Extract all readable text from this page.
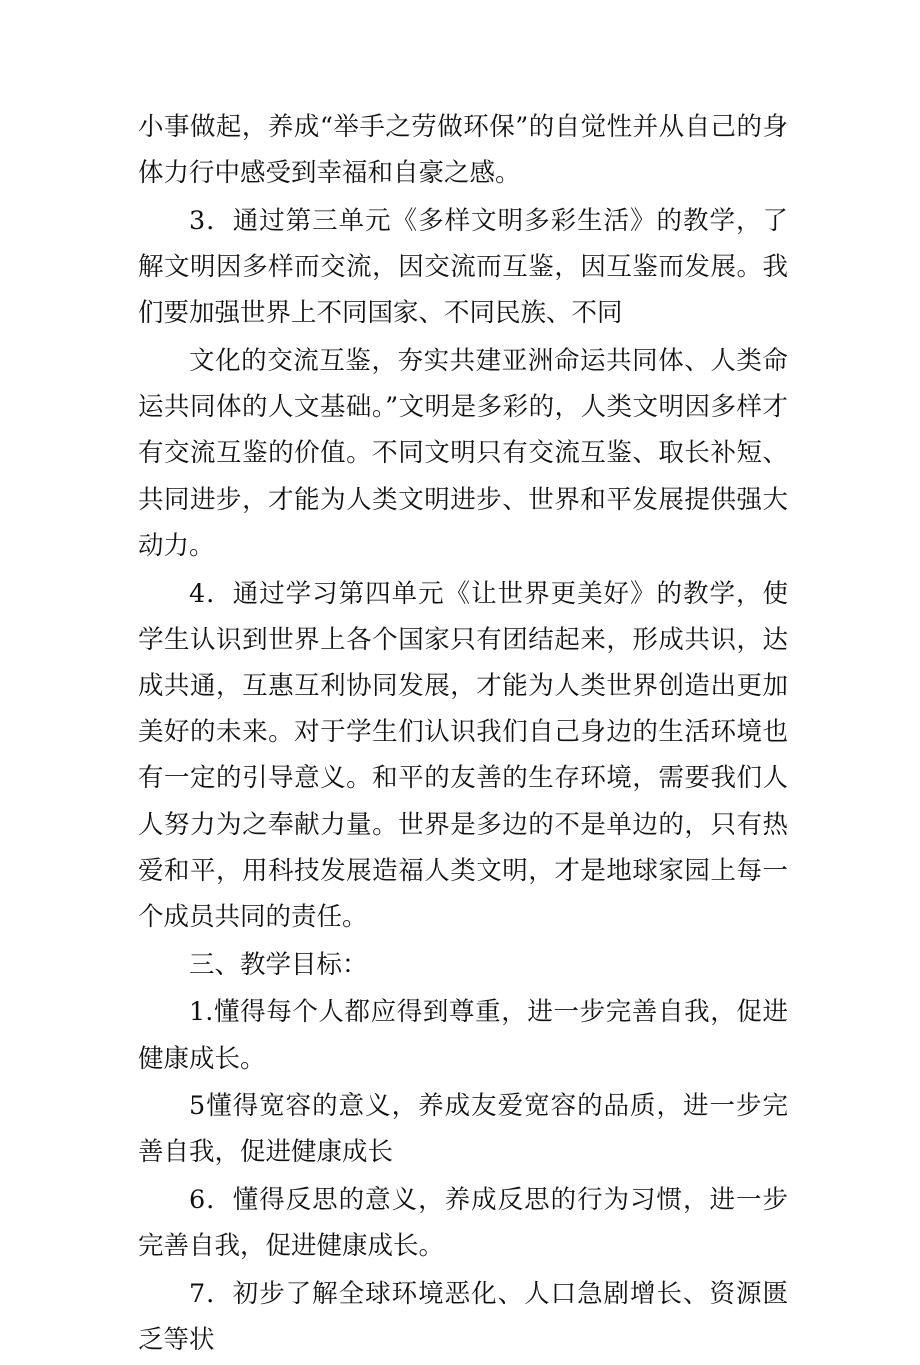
小事做起，养成“举手之劳做环保”的自觉性并从自己的身体力行中感受到幸福和自豪之感。

3．通过第三单元《多样文明多彩生活》的教学，了解文明因多样而交流，因交流而互鉴，因互鉴而发展。我们要加强世界上不同国家、不同民族、不同

文化的交流互鉴，夯实共建亚洲命运共同体、人类命运共同体的人文基础。”文明是多彩的，人类文明因多样才有交流互鉴的价值。不同文明只有交流互鉴、取长补短、共同进步，才能为人类文明进步、世界和平发展提供强大动力。

4．通过学习第四单元《让世界更美好》的教学，使学生认识到世界上各个国家只有团结起来，形成共识，达成共通，互惠互利协同发展，才能为人类世界创造出更加美好的未来。对于学生们认识我们自己身边的生活环境也有一定的引导意义。和平的友善的生存环境，需要我们人人努力为之奉献力量。世界是多边的不是单边的，只有热爱和平，用科技发展造福人类文明，才是地球家园上每一个成员共同的责任。

三、教学目标：

1.懂得每个人都应得到尊重，进一步完善自我，促进健康成长。

5懂得宽容的意义，养成友爱宽容的品质，进一步完善自我，促进健康成长

6．懂得反思的意义，养成反思的行为习惯，进一步完善自我，促进健康成长。

7．初步了解全球环境恶化、人口急剧增长、资源匮乏等状
